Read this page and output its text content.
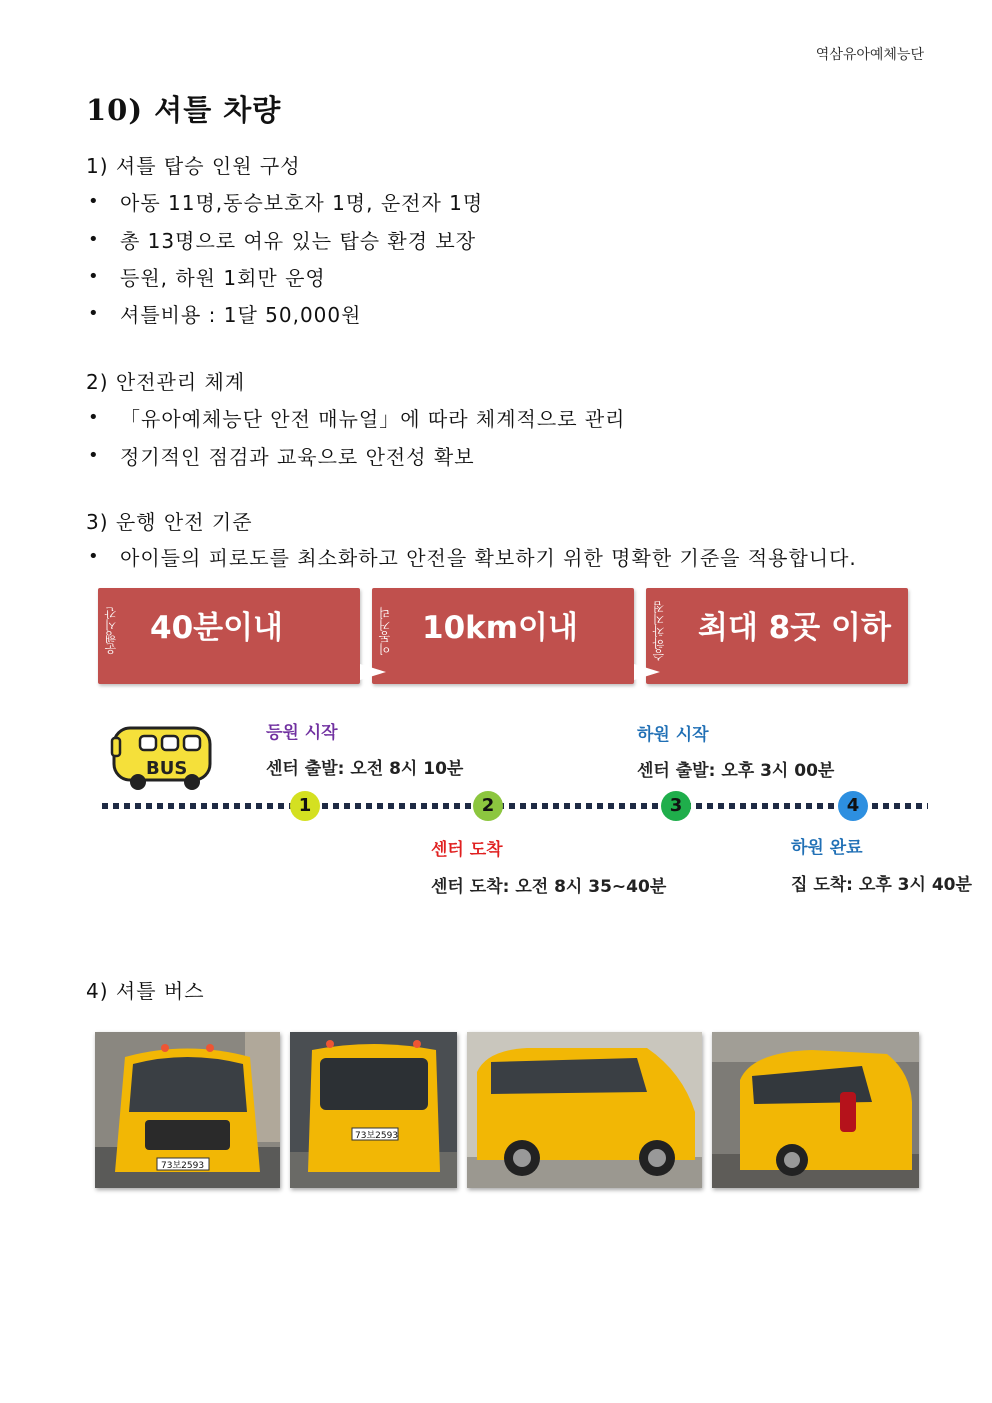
역삼유아예체능단
10) 셔틀 차량
1) 셔틀 탑승 인원 구성
•	아동 11명,동승보호자 1명, 운전자 1명
•	총 13명으로 여유 있는 탑승 환경 보장
•	등원, 하원 1회만 운영
•	셔틀비용 : 1달 50,000원
2) 안전관리 체계
•	「유아예체능단 안전 매뉴얼」에 따라 체계적으로 관리
•	정기적인 점검과 교육으로 안전성 확보
3) 운행 안전 기준
•	아이들의 피로도를 최소화하고 안전을 확보하기 위한 명확한 기준을 적용합니다.
운행시간 40분이내	이동거리 10km이내	승하차지점 최대 8곳 이하
BUS
1
등원 시작
센터 출발: 오전 8시 10분
2
센터 도착
센터 도착: 오전 8시 35~40분
3
하원 시작
센터 출발: 오후 3시 00분
4
하원 완료
집 도착: 오후 3시 40분
4) 셔틀 버스
73보2593
73보2593
